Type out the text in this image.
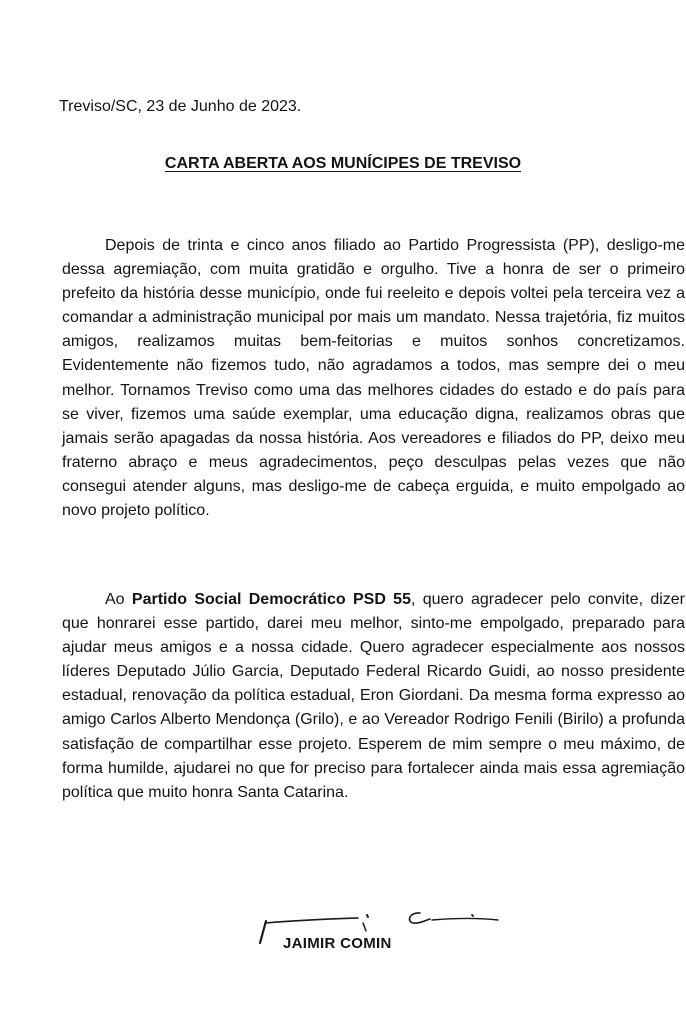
Treviso/SC, 23 de Junho de 2023.
CARTA ABERTA AOS MUNÍCIPES DE TREVISO

Depois de trinta e cinco anos filiado ao Partido Progressista (PP), desligo-me dessa agremiação, com muita gratidão e orgulho. Tive a honra de ser o primeiro prefeito da história desse município, onde fui reeleito e depois voltei pela terceira vez a comandar a administração municipal por mais um mandato. Nessa trajetória, fiz muitos amigos, realizamos muitas bem-feitorias e muitos sonhos concretizamos. Evidentemente não fizemos tudo, não agradamos a todos, mas sempre dei o meu melhor. Tornamos Treviso como uma das melhores cidades do estado e do país para se viver, fizemos uma saúde exemplar, uma educação digna, realizamos obras que jamais serão apagadas da nossa história. Aos vereadores e filiados do PP, deixo meu fraterno abraço e meus agradecimentos, peço desculpas pelas vezes que não consegui atender alguns, mas desligo-me de cabeça erguida, e muito empolgado ao novo projeto político.

Ao Partido Social Democrático PSD 55, quero agradecer pelo convite, dizer que honrarei esse partido, darei meu melhor, sinto-me empolgado, preparado para ajudar meus amigos e a nossa cidade. Quero agradecer especialmente aos nossos líderes Deputado Júlio Garcia, Deputado Federal Ricardo Guidi, ao nosso presidente estadual, renovação da política estadual, Eron Giordani. Da mesma forma expresso ao amigo Carlos Alberto Mendonça (Grilo), e ao Vereador Rodrigo Fenili (Birilo) a profunda satisfação de compartilhar esse projeto. Esperem de mim sempre o meu máximo, de forma humilde, ajudarei no que for preciso para fortalecer ainda mais essa agremiação política que muito honra Santa Catarina.

JAIMIR COMIN
